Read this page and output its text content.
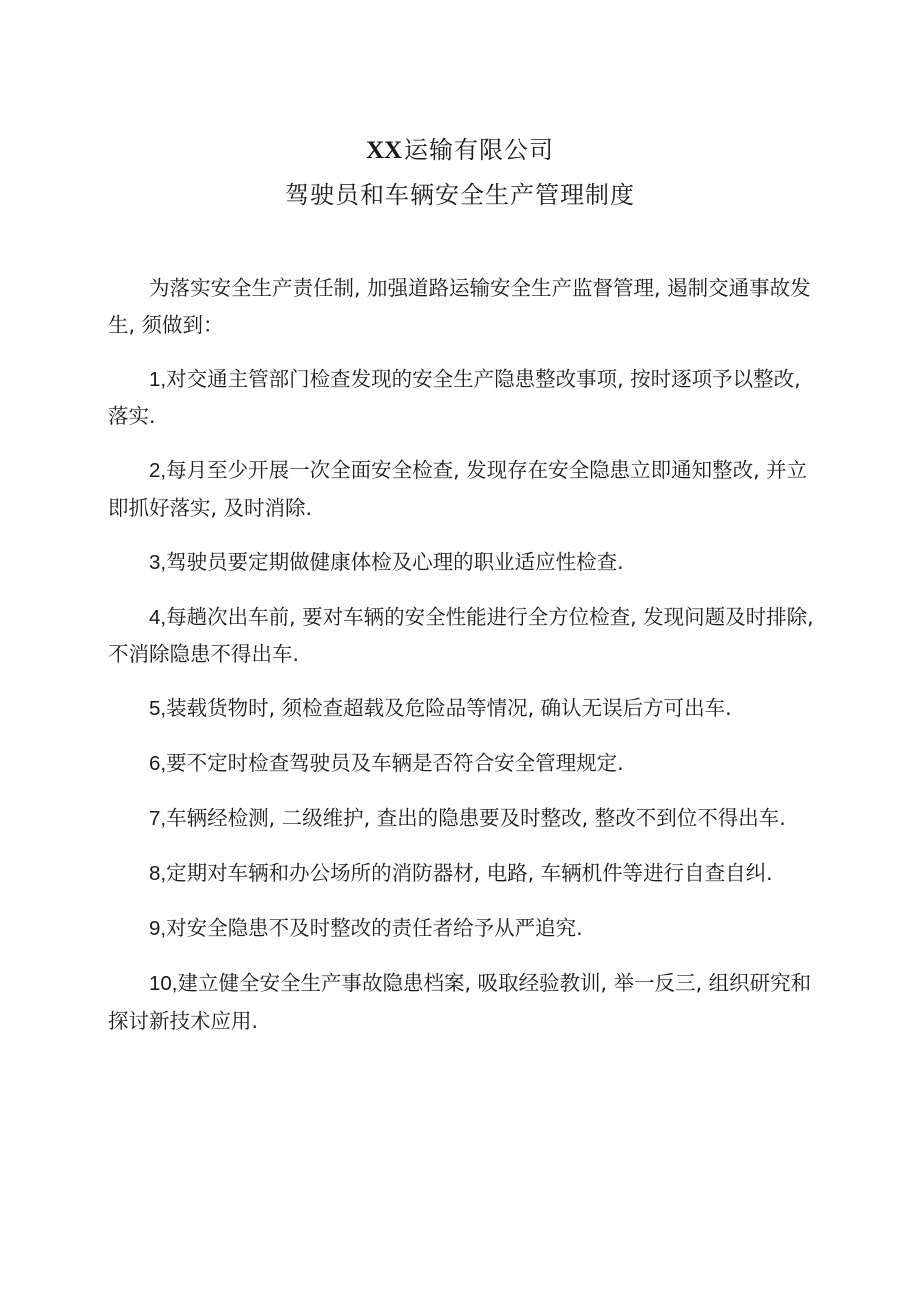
XX运输有限公司
驾驶员和车辆安全生产管理制度

为落实安全生产责任制, 加强道路运输安全生产监督管理, 遏制交通事故发生, 须做到：

1,对交通主管部门检查发现的安全生产隐患整改事项, 按时逐项予以整改, 落实.

2,每月至少开展一次全面安全检查, 发现存在安全隐患立即通知整改, 并立即抓好落实, 及时消除.

3,驾驶员要定期做健康体检及心理的职业适应性检查.

4,每趟次出车前, 要对车辆的安全性能进行全方位检查, 发现问题及时排除, 不消除隐患不得出车.

5,装载货物时, 须检查超载及危险品等情况, 确认无误后方可出车.

6,要不定时检查驾驶员及车辆是否符合安全管理规定.

7,车辆经检测, 二级维护, 查出的隐患要及时整改, 整改不到位不得出车.

8,定期对车辆和办公场所的消防器材, 电路, 车辆机件等进行自查自纠.

9,对安全隐患不及时整改的责任者给予从严追究.

10,建立健全安全生产事故隐患档案, 吸取经验教训, 举一反三, 组织研究和探讨新技术应用.
